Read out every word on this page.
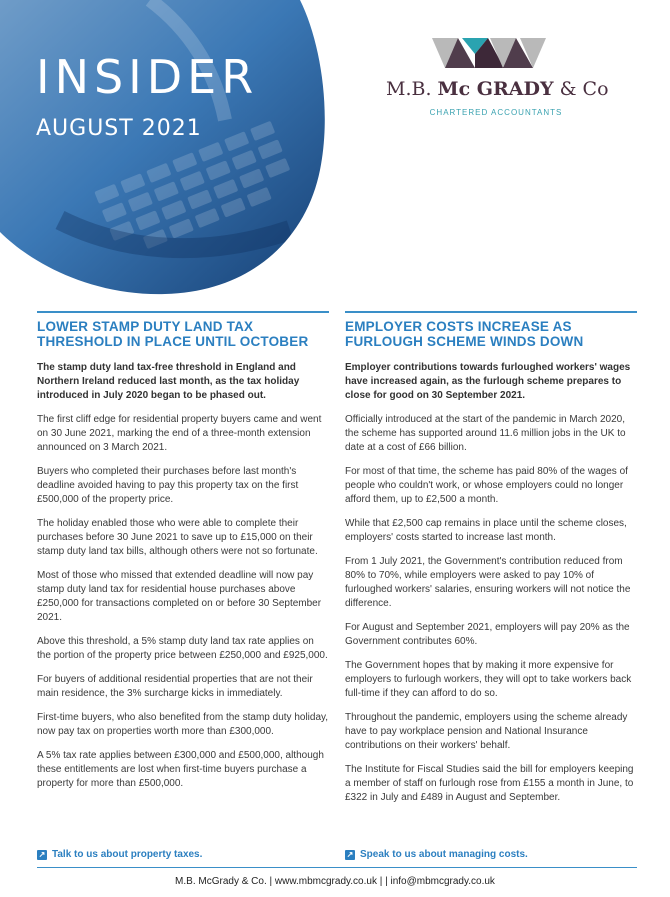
INSIDER
AUGUST 2021
M.B. Mc GRADY & Co
CHARTERED ACCOUNTANTS
LOWER STAMP DUTY LAND TAX THRESHOLD IN PLACE UNTIL OCTOBER

The stamp duty land tax-free threshold in England and Northern Ireland reduced last month, as the tax holiday introduced in July 2020 began to be phased out.

The first cliff edge for residential property buyers came and went on 30 June 2021, marking the end of a three-month extension announced on 3 March 2021.

Buyers who completed their purchases before last month's deadline avoided having to pay this property tax on the first £500,000 of the property price.

The holiday enabled those who were able to complete their purchases before 30 June 2021 to save up to £15,000 on their stamp duty land tax bills, although others were not so fortunate.

Most of those who missed that extended deadline will now pay stamp duty land tax for residential house purchases above £250,000 for transactions completed on or before 30 September 2021.

Above this threshold, a 5% stamp duty land tax rate applies on the portion of the property price between £250,000 and £925,000.

For buyers of additional residential properties that are not their main residence, the 3% surcharge kicks in immediately.

First-time buyers, who also benefited from the stamp duty holiday, now pay tax on properties worth more than £300,000.

A 5% tax rate applies between £300,000 and £500,000, although these entitlements are lost when first-time buyers purchase a property for more than £500,000.

↗ Talk to us about property taxes.
EMPLOYER COSTS INCREASE AS FURLOUGH SCHEME WINDS DOWN

Employer contributions towards furloughed workers' wages have increased again, as the furlough scheme prepares to close for good on 30 September 2021.

Officially introduced at the start of the pandemic in March 2020, the scheme has supported around 11.6 million jobs in the UK to date at a cost of £66 billion.

For most of that time, the scheme has paid 80% of the wages of people who couldn't work, or whose employers could no longer afford them, up to £2,500 a month.

While that £2,500 cap remains in place until the scheme closes, employers' costs started to increase last month.

From 1 July 2021, the Government's contribution reduced from 80% to 70%, while employers were asked to pay 10% of furloughed workers' salaries, ensuring workers will not notice the difference.

For August and September 2021, employers will pay 20% as the Government contributes 60%.

The Government hopes that by making it more expensive for employers to furlough workers, they will opt to take workers back full-time if they can afford to do so.

Throughout the pandemic, employers using the scheme already have to pay workplace pension and National Insurance contributions on their workers' behalf.

The Institute for Fiscal Studies said the bill for employers keeping a member of staff on furlough rose from £155 a month in June, to £322 in July and £489 in August and September.

↗ Speak to us about managing costs.
M.B. McGrady & Co. | www.mbmcgrady.co.uk | | info@mbmcgrady.co.uk
